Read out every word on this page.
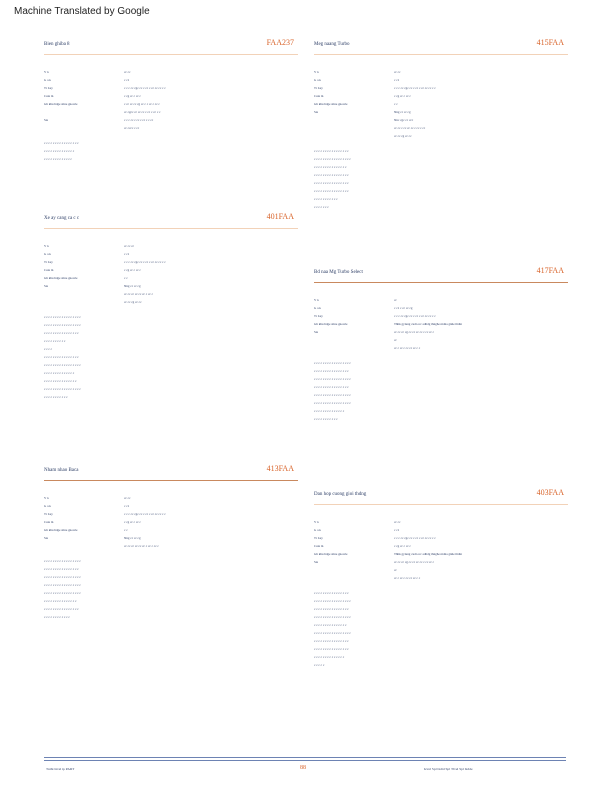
Machine Translated by Google
Bien ghiba 8	FAA237
V n	cc cc
G a k	c c1
Tr Luy	c c c cc cgc cc c cc c cc cc cc c c
Cuia m	c cg cc c cc c
Gh khu hdge stine gnowle	c cc cc cc cg cc c c cc c cc c
cc cgcc cc cc cc c cc c cc c c
Sia	c c c cc c cc c cc c c cc
cc cccc c cc
c c c c c c c c c c c c c c c c
c c c c c c c c c c c c c c
c c c c c c c c c c c c c
Xe ay cang ca c c	401FAA
V n	cc cc cc
G a k	c c1
Tr Luy	c c c cc cgc cc c cc c cc cc cc c c
Cuia m	c cg cc c cc c
Gh khu hdge stine gnowle	c c
Sia	Nng cc cc cg
cc cc cc cc cc cc c cc c
cc cc cg cc cc
c c c c c c c c c c c c c c c c c
c c c c c c c c c c c c c c c c c
c c c c c c c c c c c c c c c c
c c c c c c c c c c
c c c c
c c c c c c c c c c c c c c c c
c c c c c c c c c c c c c c c c c
c c c c c c c c c c c c c c
c c c c c c c c c c c c c c c
c c c c c c c c c c c c c c c c c
c c c c c c c c c c c
Nham nhao Baca	413FAA
V n	cc cc
G a k	c c1
Tr Luy	c c c cc cgc cc c cc c cc cc cc c c
Cuia m	c cg cc c cc c
Gh khu hdge stine gnowle	c c
Sia	Nng cc cc cg
cc cc cc cc cc cc c cc c cc c
c c c c c c c c c c c c c c c c c
c c c c c c c c c c c c c c c c
c c c c c c c c c c c c c c c c c
c c c c c c c c c c c c c c c c c
c c c c c c c c c c c c c c c c c
c c c c c c c c c c c c c c c
c c c c c c c c c c c c c c c c
c c c c c c c c c c c c
Meg naang Turbo	415FAA
V n	cc cc
G a k	c c1
Tr Luy	c c c cc cgc cc c cc c cc cc cc c c
Cuia m	c cg cc c cc c
Gh khu hdge stine gnowle	c c
Sia	Nng cc cc cg
Nnc cgc cc ccc
cc cc c cc cc cc c cc c cc
cc cc cg cc cc
c c c c c c c c c c c c c c c c
c c c c c c c c c c c c c c c c c
c c c c c c c c c c c c c c c
c c c c c c c c c c c c c c c c
c c c c c c c c c c c c c c c c
c c c c c c c c c c c c c c c c
c c c c c c c c c c c
c c c c c c c
Bd naa Mg Turbo Select	417FAA
V n	cc
G a k	c c1 c cc cc cg
Tr Luy	c c c cc cgc cc c cc c cc cc cc c c
Gh khu hdge stine gnowle	Thhk gytung cudi ecc adhdg ihnghe nidna gnhe ihdin
Sia	cc cc cc cg cc cc cc cc c cc cc c
cc
cc c cc c cc cc cc c c
c c c c c c c c c c c c c c c c c
c c c c c c c c c c c c c c c c
c c c c c c c c c c c c c c c c c
c c c c c c c c c c c c c c c c
c c c c c c c c c c c c c c c c c
c c c c c c c c c c c c c c c c c
c c c c c c c c c c c c c c
c c c c c c c c c c c
Dan hop cuong gioi thdng	403FAA
V n	cc cc
G a k	c c1
Tr Luy	c c c cc cgc cc c cc c cc cc cc c c
Cuia m	c cg cc c cc c
Gh khu hdge stine gnowle	Thhk gytung cudi ecc adhdg ihnghe nidna gnhe ihdin
Sia	cc cc cc cg cc cc cc cc c cc cc c
cc
cc c cc c cc cc cc c c
c c c c c c c c c c c c c c c c
c c c c c c c c c c c c c c c c c
c c c c c c c c c c c c c c c c
c c c c c c c c c c c c c c c c c
c c c c c c c c c c c c c c c
c c c c c c c c c c c c c c c c c
c c c c c c c c c c c c c c c c
c c c c c c c c c c c c c c c c
c c c c c c c c c c c c c c
c c c c c
Tuthi Izvel ip PART	88	Izvel Spl Izdtd Spl Tlvel Spl Izdde
